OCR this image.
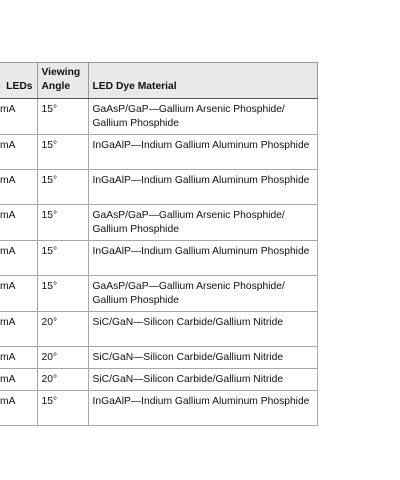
LEDs	Viewing Angle	LED Dye Material
mA	15°	GaAsP/GaP—Gallium Arsenic Phosphide/ Gallium Phosphide
mA	15°	InGaAlP—Indium Gallium Aluminum Phosphide
mA	15°	InGaAlP—Indium Gallium Aluminum Phosphide
mA	15°	GaAsP/GaP—Gallium Arsenic Phosphide/ Gallium Phosphide
mA	15°	InGaAlP—Indium Gallium Aluminum Phosphide
mA	15°	GaAsP/GaP—Gallium Arsenic Phosphide/ Gallium Phosphide
mA	20°	SiC/GaN—Silicon Carbide/Gallium Nitride
mA	20°	SiC/GaN—Silicon Carbide/Gallium Nitride
mA	20°	SiC/GaN—Silicon Carbide/Gallium Nitride
mA	15°	InGaAlP—Indium Gallium Aluminum Phosphide
